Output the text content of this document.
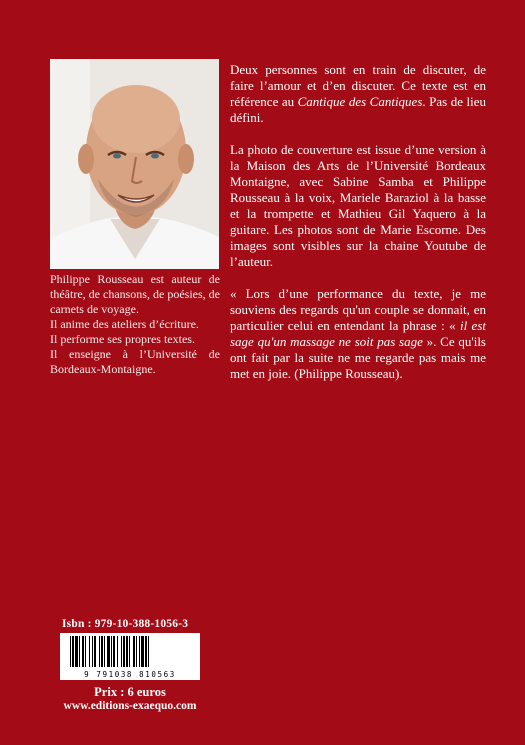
Philippe Rousseau est auteur de théâtre, de chansons, de poésies, de carnets de voyage.

Il anime des ateliers d’écriture.

Il performe ses propres textes.

Il enseigne à l’Université de Bordeaux-Montaigne.

Deux personnes sont en train de discuter, de faire l’amour et d’en discuter. Ce texte est en référence au Cantique des Cantiques. Pas de lieu défini.

La photo de couverture est issue d’une version à la Maison des Arts de l’Université Bordeaux Montaigne, avec Sabine Samba et Philippe Rousseau à la voix, Mariele Baraziol à la basse et la trompette et Mathieu Gil Yaquero à la guitare. Les photos sont de Marie Escorne. Des images sont visibles sur la chaine Youtube de l’auteur.

« Lors d’une performance du texte, je me souviens des regards qu'un couple se donnait, en particulier celui en entendant la phrase : « il est sage qu'un massage ne soit pas sage ». Ce qu'ils ont fait par la suite ne me regarde pas mais me met en joie. (Philippe Rousseau).

Isbn : 979-10-388-1056-3
9 791038 810563
Prix : 6 euros
www.editions-exaequo.com
